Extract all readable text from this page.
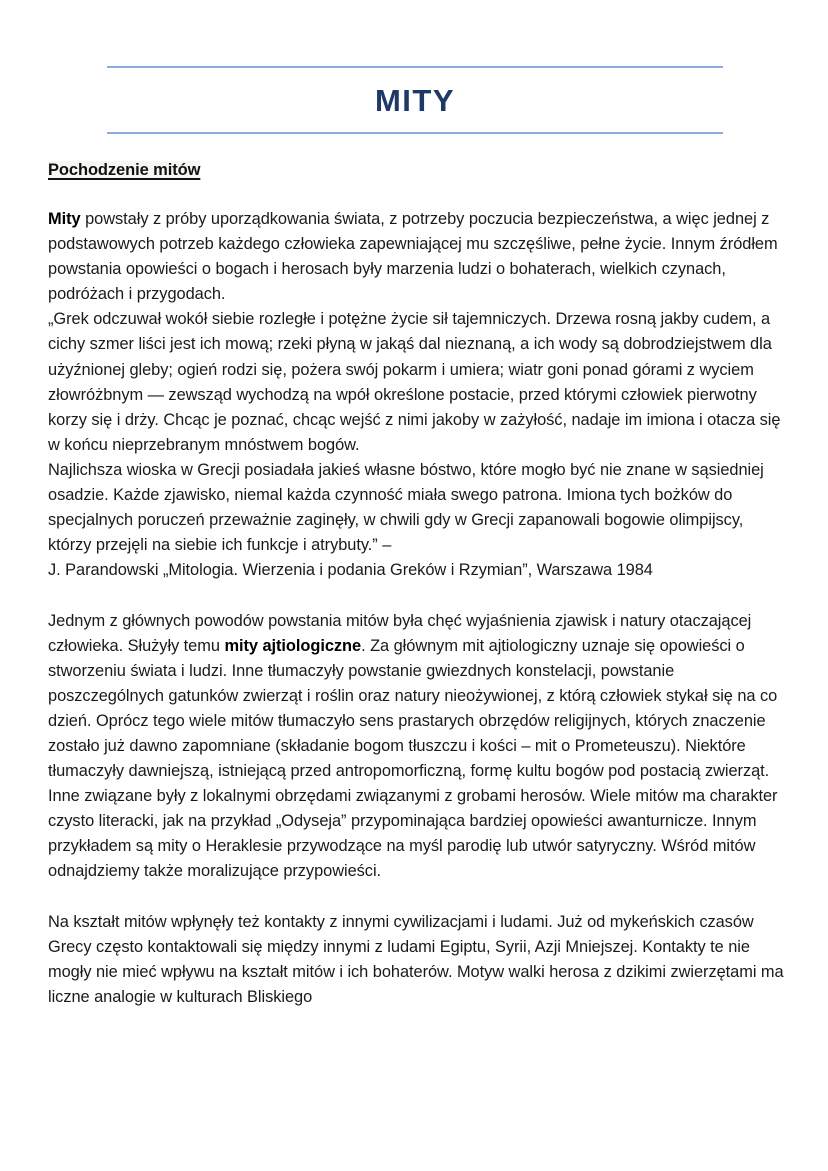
MITY
Pochodzenie mitów

Mity powstały z próby uporządkowania świata, z potrzeby poczucia bezpieczeństwa, a więc jednej z podstawowych potrzeb każdego człowieka zapewniającej mu szczęśliwe, pełne życie. Innym źródłem powstania opowieści o bogach i herosach były marzenia ludzi o bohaterach, wielkich czynach, podróżach i przygodach.

„Grek odczuwał wokół siebie rozległe i potężne życie sił tajemniczych. Drzewa rosną jakby cudem, a cichy szmer liści jest ich mową; rzeki płyną w jakąś dal nieznaną, a ich wody są dobrodziejstwem dla użyźnionej gleby; ogień rodzi się, pożera swój pokarm i umiera; wiatr goni ponad górami z wyciem złowróżbnym — zewsząd wychodzą na wpół określone postacie, przed którymi człowiek pierwotny korzy się i drży. Chcąc je poznać, chcąc wejść z nimi jakoby w zażyłość, nadaje im imiona i otacza się w końcu nieprzebranym mnóstwem bogów.

Najlichsza wioska w Grecji posiadała jakieś własne bóstwo, które mogło być nie znane w sąsiedniej osadzie. Każde zjawisko, niemal każda czynność miała swego patrona. Imiona tych bożków do specjalnych poruczeń przeważnie zaginęły, w chwili gdy w Grecji zapanowali bogowie olimpijscy, którzy przejęli na siebie ich funkcje i atrybuty.” –

J. Parandowski „Mitologia. Wierzenia i podania Greków i Rzymian”, Warszawa 1984

Jednym z głównych powodów powstania mitów była chęć wyjaśnienia zjawisk i natury otaczającej człowieka. Służyły temu mity ajtiologiczne. Za głównym mit ajtiologiczny uznaje się opowieści o stworzeniu świata i ludzi. Inne tłumaczyły powstanie gwiezdnych konstelacji, powstanie poszczególnych gatunków zwierząt i roślin oraz natury nieożywionej, z którą człowiek stykał się na co dzień. Oprócz tego wiele mitów tłumaczyło sens prastarych obrzędów religijnych, których znaczenie zostało już dawno zapomniane (składanie bogom tłuszczu i kości – mit o Prometeuszu). Niektóre tłumaczyły dawniejszą, istniejącą przed antropomorficzną, formę kultu bogów pod postacią zwierząt. Inne związane były z lokalnymi obrzędami związanymi z grobami herosów. Wiele mitów ma charakter czysto literacki, jak na przykład „Odyseja” przypominająca bardziej opowieści awanturnicze. Innym przykładem są mity o Heraklesie przywodzące na myśl parodię lub utwór satyryczny. Wśród mitów odnajdziemy także moralizujące przypowieści.

Na kształt mitów wpłynęły też kontakty z innymi cywilizacjami i ludami. Już od mykeńskich czasów Grecy często kontaktowali się między innymi z ludami Egiptu, Syrii, Azji Mniejszej. Kontakty te nie mogły nie mieć wpływu na kształt mitów i ich bohaterów. Motyw walki herosa z dzikimi zwierzętami ma liczne analogie w kulturach Bliskiego
